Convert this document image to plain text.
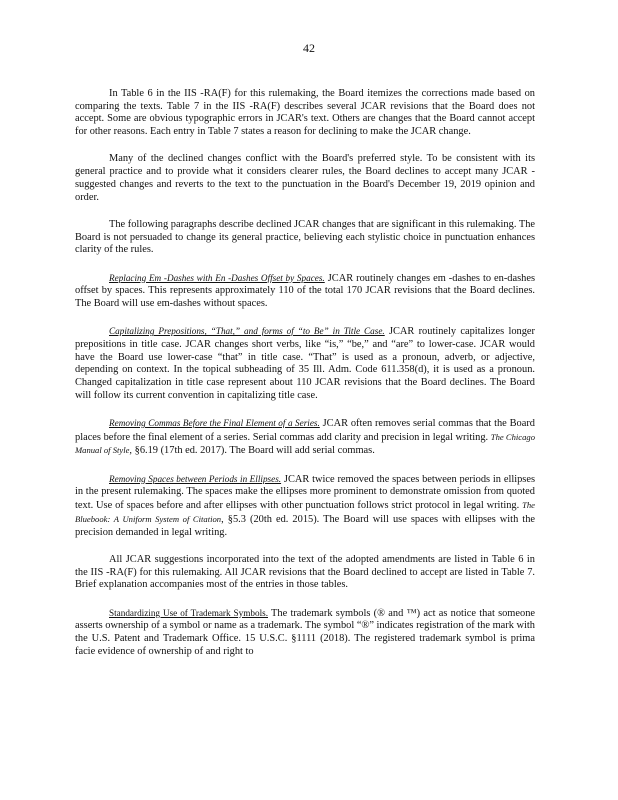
42

In Table 6 in the IIS -RA(F) for this rulemaking, the Board itemizes the corrections made based on comparing the texts. Table 7 in the IIS -RA(F) describes several JCAR revisions that the Board does not accept. Some are obvious typographic errors in JCAR's text. Others are changes that the Board cannot accept for other reasons. Each entry in Table 7 states a reason for declining to make the JCAR change.

Many of the declined changes conflict with the Board's preferred style. To be consistent with its general practice and to provide what it considers clearer rules, the Board declines to accept many JCAR -suggested changes and reverts to the text to the punctuation in the Board's December 19, 2019 opinion and order.

The following paragraphs describe declined JCAR changes that are significant in this rulemaking. The Board is not persuaded to change its general practice, believing each stylistic choice in punctuation enhances clarity of the rules.

Replacing Em -Dashes with En -Dashes Offset by Spaces. JCAR routinely changes em -dashes to en-dashes offset by spaces. This represents approximately 110 of the total 170 JCAR revisions that the Board declines. The Board will use em-dashes without spaces.

Capitalizing Prepositions, “That,” and forms of “to Be” in Title Case. JCAR routinely capitalizes longer prepositions in title case. JCAR changes short verbs, like “is,” “be,” and “are” to lower-case. JCAR would have the Board use lower-case “that” in title case. “That” is used as a pronoun, adverb, or adjective, depending on context. In the topical subheading of 35 Ill. Adm. Code 611.358(d), it is used as a pronoun. Changed capitalization in title case represent about 110 JCAR revisions that the Board declines. The Board will follow its current convention in capitalizing title case.

Removing Commas Before the Final Element of a Series. JCAR often removes serial commas that the Board places before the final element of a series. Serial commas add clarity and precision in legal writing. The Chicago Manual of Style, §6.19 (17th ed. 2017). The Board will add serial commas.

Removing Spaces between Periods in Ellipses. JCAR twice removed the spaces between periods in ellipses in the present rulemaking. The spaces make the ellipses more prominent to demonstrate omission from quoted text. Use of spaces before and after ellipses with other punctuation follows strict protocol in legal writing. The Bluebook: A Uniform System of Citation, §5.3 (20th ed. 2015). The Board will use spaces with ellipses with the precision demanded in legal writing.

All JCAR suggestions incorporated into the text of the adopted amendments are listed in Table 6 in the IIS -RA(F) for this rulemaking. All JCAR revisions that the Board declined to accept are listed in Table 7. Brief explanation accompanies most of the entries in those tables.

Standardizing Use of Trademark Symbols. The trademark symbols (® and ™) act as notice that someone asserts ownership of a symbol or name as a trademark. The symbol “®” indicates registration of the mark with the U.S. Patent and Trademark Office. 15 U.S.C. §1111 (2018). The registered trademark symbol is prima facie evidence of ownership of and right to
